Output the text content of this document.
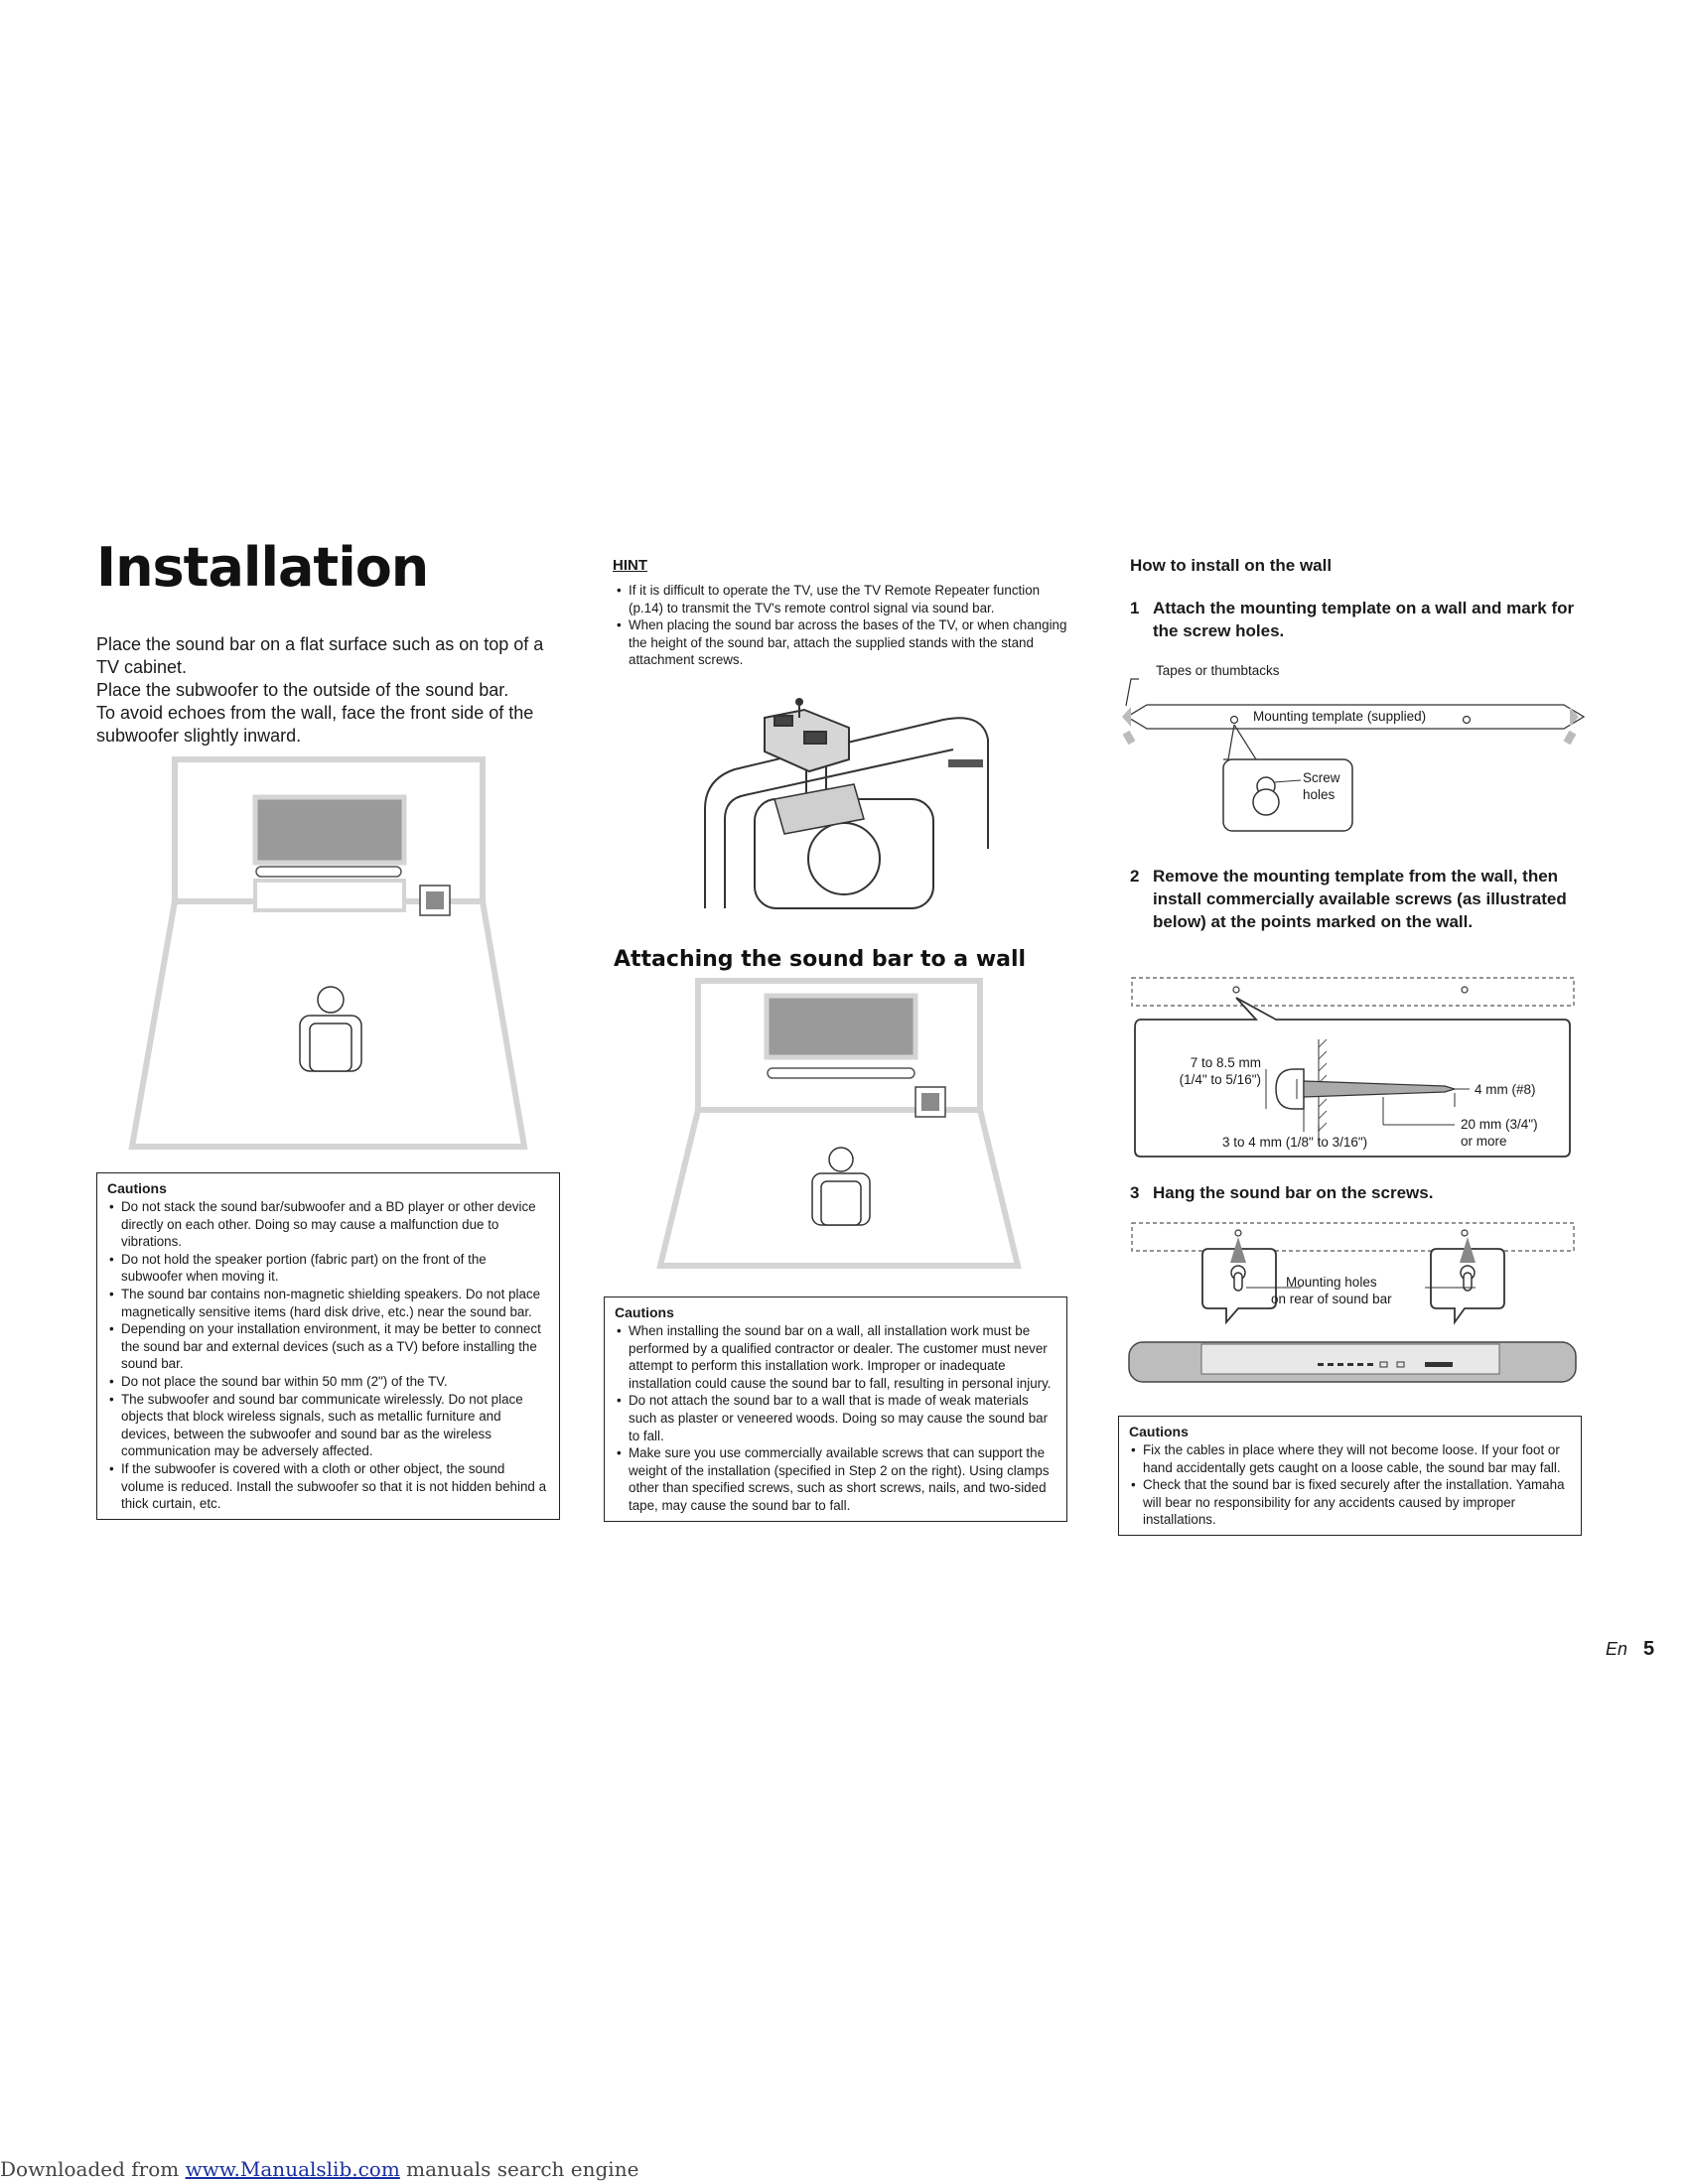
Installation

Place the sound bar on a flat surface such as on top of a TV cabinet.

Place the subwoofer to the outside of the sound bar.

To avoid echoes from the wall, face the front side of the subwoofer slightly inward.

Cautions
• Do not stack the sound bar/subwoofer and a BD player or other device directly on each other. Doing so may cause a malfunction due to vibrations.
• Do not hold the speaker portion (fabric part) on the front of the subwoofer when moving it.
• The sound bar contains non-magnetic shielding speakers. Do not place magnetically sensitive items (hard disk drive, etc.) near the sound bar.
• Depending on your installation environment, it may be better to connect the sound bar and external devices (such as a TV) before installing the sound bar.
• Do not place the sound bar within 50 mm (2") of the TV.
• The subwoofer and sound bar communicate wirelessly. Do not place objects that block wireless signals, such as metallic furniture and devices, between the subwoofer and sound bar as the wireless communication may be adversely affected.
• If the subwoofer is covered with a cloth or other object, the sound volume is reduced. Install the subwoofer so that it is not hidden behind a thick curtain, etc.
HINT
• If it is difficult to operate the TV, use the TV Remote Repeater function (p.14) to transmit the TV's remote control signal via sound bar.
• When placing the sound bar across the bases of the TV, or when changing the height of the sound bar, attach the supplied stands with the stand attachment screws.
Attaching the sound bar to a wall
Cautions
• When installing the sound bar on a wall, all installation work must be performed by a qualified contractor or dealer. The customer must never attempt to perform this installation work. Improper or inadequate installation could cause the sound bar to fall, resulting in personal injury.
• Do not attach the sound bar to a wall that is made of weak materials such as plaster or veneered woods. Doing so may cause the sound bar to fall.
• Make sure you use commercially available screws that can support the weight of the installation (specified in Step 2 on the right). Using clamps other than specified screws, such as short screws, nails, and two-sided tape, may cause the sound bar to fall.
How to install on the wall
1 Attach the mounting template on a wall and mark for the screw holes.
Tapes or thumbtacks
Mounting template (supplied)
Screw
holes
2 Remove the mounting template from the wall, then install commercially available screws (as illustrated below) at the points marked on the wall.
7 to 8.5 mm
(1/4" to 5/16")
4 mm (#8)
20 mm (3/4")
or more
3 to 4 mm (1/8" to 3/16")
3 Hang the sound bar on the screws.
Mounting holes
on rear of sound bar
Cautions
• Fix the cables in place where they will not become loose. If your foot or hand accidentally gets caught on a loose cable, the sound bar may fall.
• Check that the sound bar is fixed securely after the installation. Yamaha will bear no responsibility for any accidents caused by improper installations.
En 5
Downloaded from www.Manualslib.com manuals search engine
